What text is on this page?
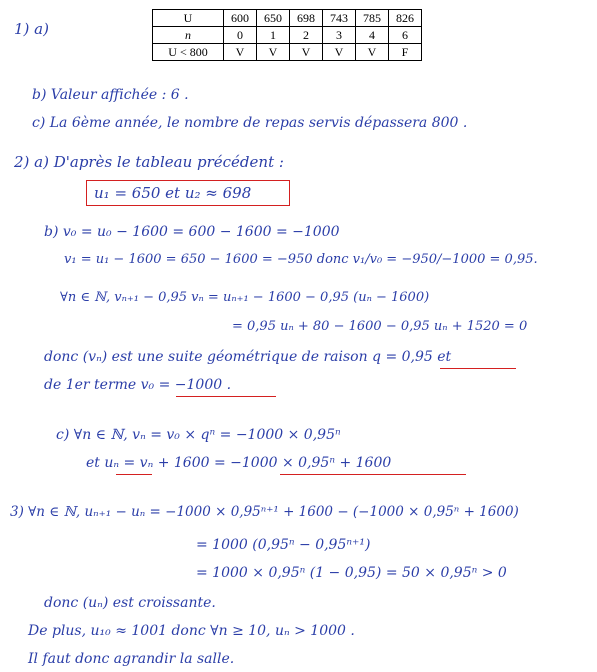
1) a)
U	600	650	698	743	785	826
n	0	1	2	3	4	6
U < 800	V	V	V	V	V	F
b) Valeur affichée : 6 .
c) La 6ème année, le nombre de repas servis dépassera 800 .
2) a) D'après le tableau précédent :
u₁ = 650 et u₂ ≈ 698
b) v₀ = u₀ − 1600 = 600 − 1600 = −1000
v₁ = u₁ − 1600 = 650 − 1600 = −950 donc v₁/v₀ = −950/−1000 = 0,95.
∀n ∈ ℕ, vₙ₊₁ − 0,95 vₙ = uₙ₊₁ − 1600 − 0,95 (uₙ − 1600)
= 0,95 uₙ + 80 − 1600 − 0,95 uₙ + 1520 = 0
donc (vₙ) est une suite géométrique de raison q = 0,95 et
de 1er terme v₀ = −1000 .
c) ∀n ∈ ℕ, vₙ = v₀ × qⁿ = −1000 × 0,95ⁿ
et uₙ = vₙ + 1600 = −1000 × 0,95ⁿ + 1600
3) ∀n ∈ ℕ, uₙ₊₁ − uₙ = −1000 × 0,95ⁿ⁺¹ + 1600 − (−1000 × 0,95ⁿ + 1600)
= 1000 (0,95ⁿ − 0,95ⁿ⁺¹)
= 1000 × 0,95ⁿ (1 − 0,95) = 50 × 0,95ⁿ > 0
donc (uₙ) est croissante.
De plus, u₁₀ ≈ 1001 donc ∀n ≥ 10, uₙ > 1000 .
Il faut donc agrandir la salle.
